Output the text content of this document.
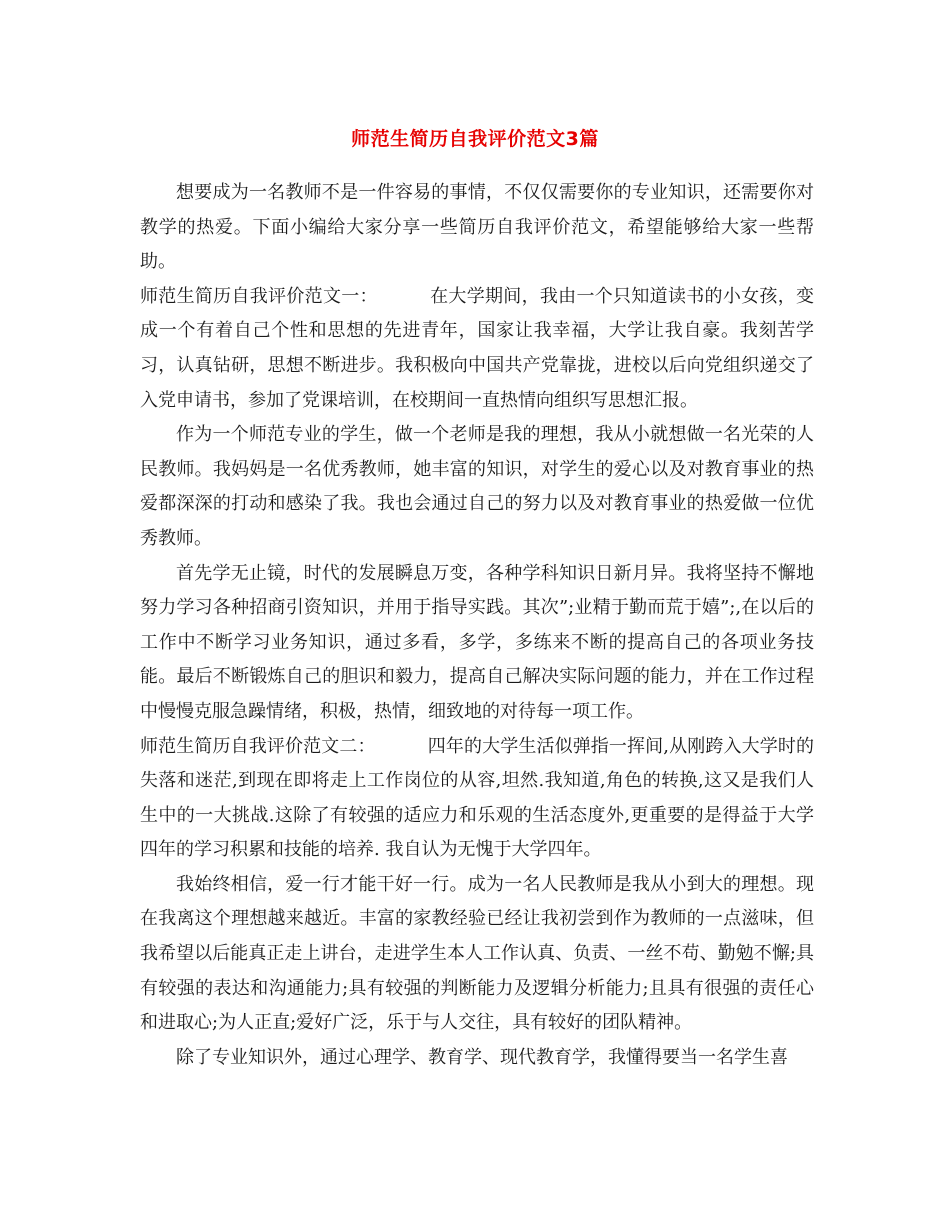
师范生简历自我评价范文3篇

想要成为一名教师不是一件容易的事情，不仅仅需要你的专业知识，还需要你对教学的热爱。下面小编给大家分享一些简历自我评价范文，希望能够给大家一些帮助。

师范生简历自我评价范文一：	在大学期间，我由一个只知道读书的小女孩，变成一个有着自己个性和思想的先进青年，国家让我幸福，大学让我自豪。我刻苦学习，认真钻研，思想不断进步。我积极向中国共产党靠拢，进校以后向党组织递交了入党申请书，参加了党课培训，在校期间一直热情向组织写思想汇报。

作为一个师范专业的学生，做一个老师是我的理想，我从小就想做一名光荣的人民教师。我妈妈是一名优秀教师，她丰富的知识，对学生的爱心以及对教育事业的热爱都深深的打动和感染了我。我也会通过自己的努力以及对教育事业的热爱做一位优秀教师。

首先学无止镜，时代的发展瞬息万变，各种学科知识日新月异。我将坚持不懈地努力学习各种招商引资知识，并用于指导实践。其次”;业精于勤而荒于嬉”;,在以后的工作中不断学习业务知识，通过多看，多学，多练来不断的提高自己的各项业务技能。最后不断锻炼自己的胆识和毅力，提高自己解决实际问题的能力，并在工作过程中慢慢克服急躁情绪，积极，热情，细致地的对待每一项工作。

师范生简历自我评价范文二：	四年的大学生活似弹指一挥间,从刚跨入大学时的失落和迷茫,到现在即将走上工作岗位的从容,坦然.我知道,角色的转换,这又是我们人生中的一大挑战.这除了有较强的适应力和乐观的生活态度外,更重要的是得益于大学四年的学习积累和技能的培养. 我自认为无愧于大学四年。

我始终相信，爱一行才能干好一行。成为一名人民教师是我从小到大的理想。现在我离这个理想越来越近。丰富的家教经验已经让我初尝到作为教师的一点滋味，但我希望以后能真正走上讲台，走进学生本人工作认真、负责、一丝不苟、勤勉不懈;具有较强的表达和沟通能力;具有较强的判断能力及逻辑分析能力;且具有很强的责任心和进取心;为人正直;爱好广泛，乐于与人交往，具有较好的团队精神。

除了专业知识外，通过心理学、教育学、现代教育学，我懂得要当一名学生喜
